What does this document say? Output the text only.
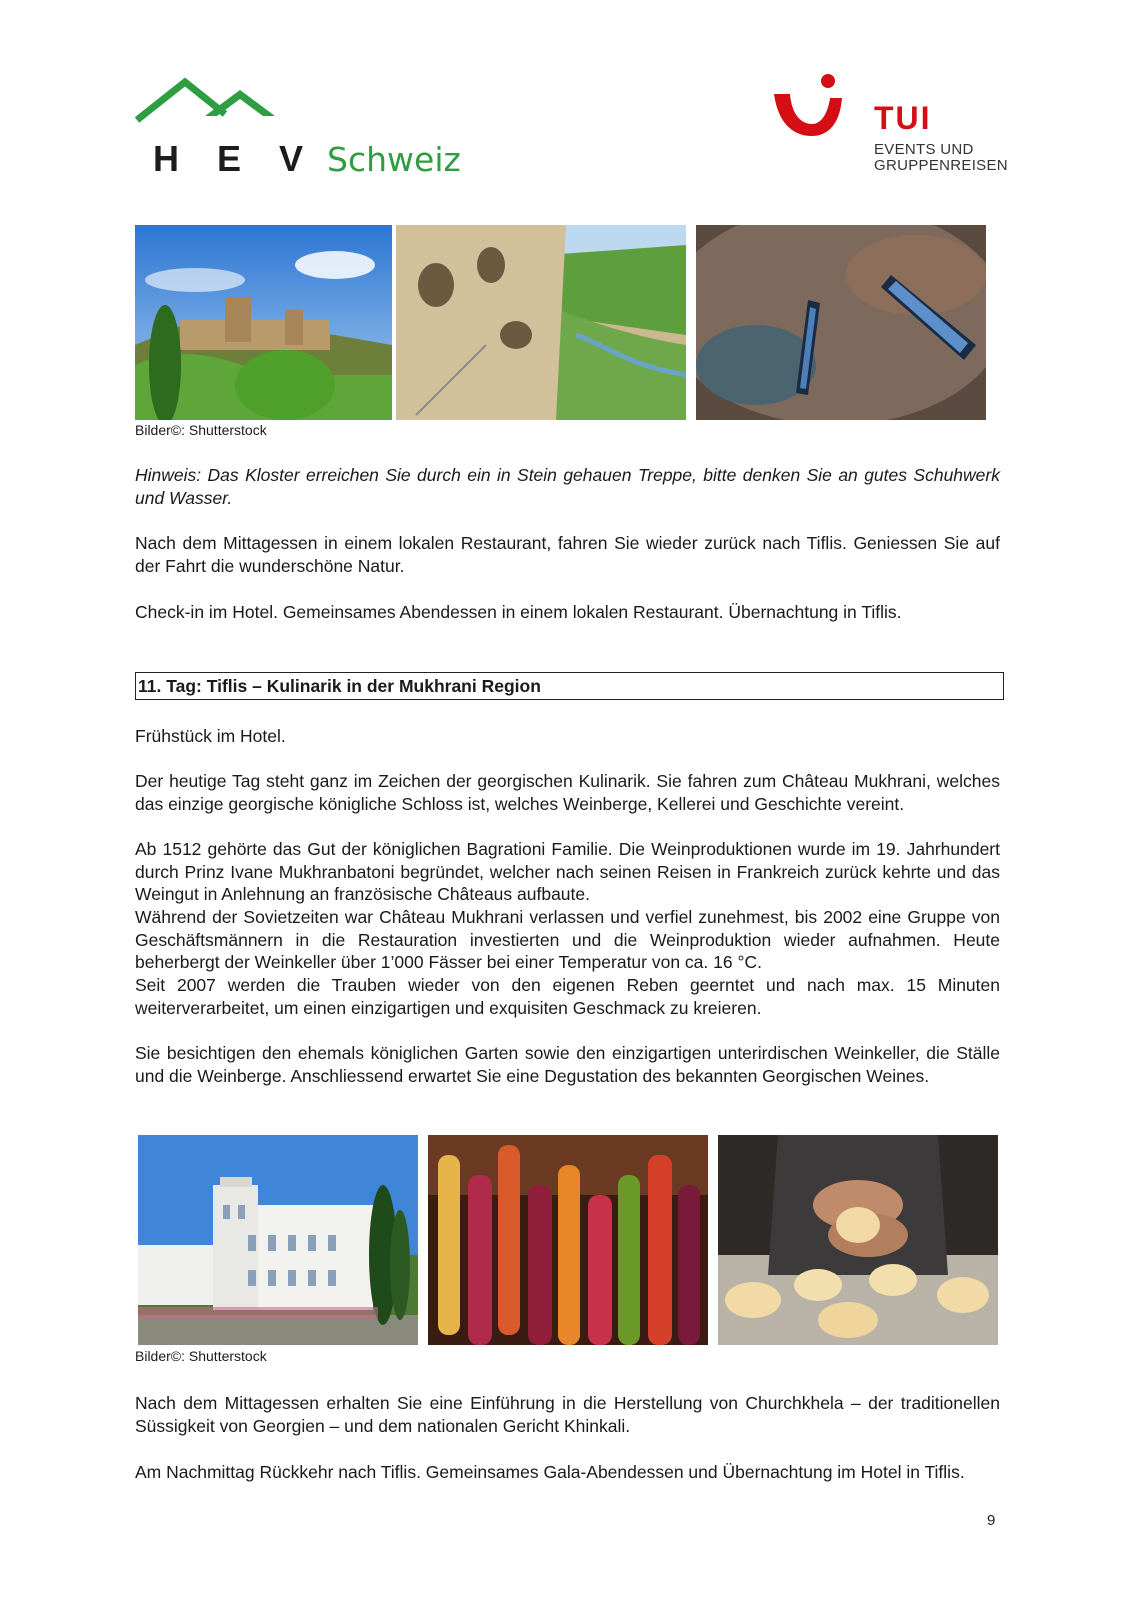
H E V Schweiz
TUI
EVENTS UND
GRUPPENREISEN
Bilder©: Shutterstock
Hinweis: Das Kloster erreichen Sie durch ein in Stein gehauen Treppe, bitte denken Sie an gutes Schuhwerk und Wasser.
Nach dem Mittagessen in einem lokalen Restaurant, fahren Sie wieder zurück nach Tiflis. Geniessen Sie auf der Fahrt die wunderschöne Natur.
Check-in im Hotel. Gemeinsames Abendessen in einem lokalen Restaurant. Übernachtung in Tiflis.
11. Tag: Tiflis – Kulinarik in der Mukhrani Region
Frühstück im Hotel.
Der heutige Tag steht ganz im Zeichen der georgischen Kulinarik. Sie fahren zum Château Mukhrani, welches das einzige georgische königliche Schloss ist, welches Weinberge, Kellerei und Geschichte vereint.
Ab 1512 gehörte das Gut der königlichen Bagrationi Familie. Die Weinproduktionen wurde im 19. Jahrhundert durch Prinz Ivane Mukhranbatoni begründet, welcher nach seinen Reisen in Frankreich zurück kehrte und das Weingut in Anlehnung an französische Châteaus aufbaute.
Während der Sovietzeiten war Château Mukhrani verlassen und verfiel zunehmest, bis 2002 eine Gruppe von Geschäftsmännern in die Restauration investierten und die Weinproduktion wieder aufnahmen. Heute beherbergt der Weinkeller über 1’000 Fässer bei einer Temperatur von ca. 16 °C.
Seit 2007 werden die Trauben wieder von den eigenen Reben geerntet und nach max. 15 Minuten weiterverarbeitet, um einen einzigartigen und exquisiten Geschmack zu kreieren.
Sie besichtigen den ehemals königlichen Garten sowie den einzigartigen unterirdischen Weinkeller, die Ställe und die Weinberge. Anschliessend erwartet Sie eine Degustation des bekannten Georgischen Weines.
Bilder©: Shutterstock
Nach dem Mittagessen erhalten Sie eine Einführung in die Herstellung von Churchkhela – der traditionellen Süssigkeit von Georgien – und dem nationalen Gericht Khinkali.
Am Nachmittag Rückkehr nach Tiflis. Gemeinsames Gala-Abendessen und Übernachtung im Hotel in Tiflis.
9
